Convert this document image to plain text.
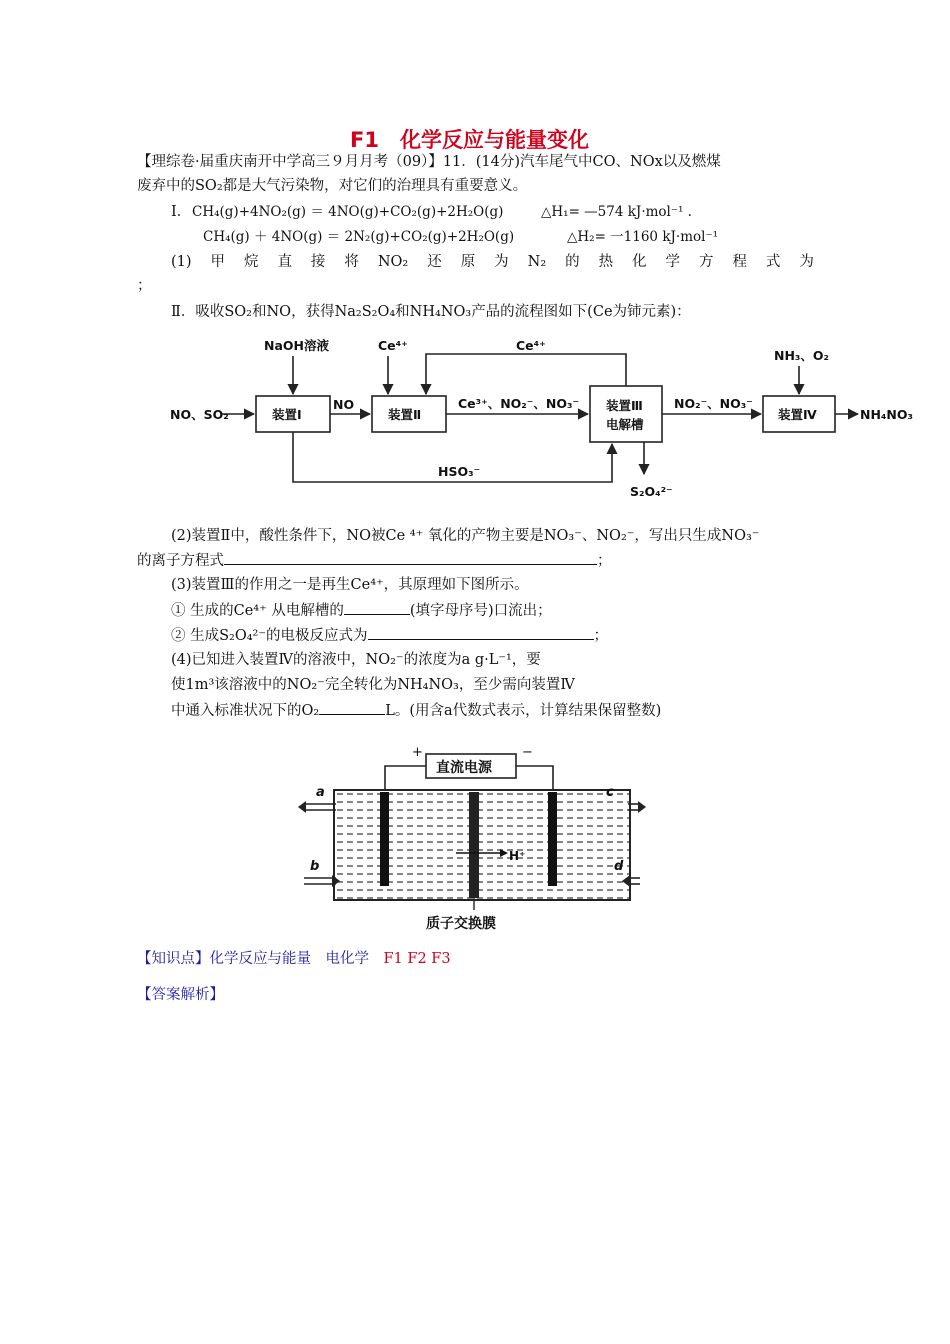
F1　化学反应与能量变化
【理综卷·届重庆南开中学高三９月月考（09）】11．(14分)汽车尾气中CO、NOx以及燃煤
废弃中的SO₂都是大气污染物，对它们的治理具有重要意义。
Ⅰ． CH₄(g)+4NO₂(g) ＝ 4NO(g)+CO₂(g)+2H₂O(g)	△H₁= —574 kJ·mol⁻¹ .
CH₄(g) ＋ 4NO(g) ＝ 2N₂(g)+CO₂(g)+2H₂O(g)	△H₂= 一1160 kJ·mol⁻¹
(1) 甲 烷 直 接 将 NO₂ 还 原 为 N₂ 的 热 化 学 方 程 式 为
；
Ⅱ．吸收SO₂和NO，获得Na₂S₂O₄和NH₄NO₃产品的流程图如下(Ce为铈元素)：
NaOH溶液	Ce⁴⁺	Ce⁴⁺
NH₃、O₂
NO、SO₂	装置Ⅰ
NO
装置Ⅱ
Ce³⁺、NO₂⁻、NO₃⁻ 装置Ⅲ
电解槽
NO₂⁻、NO₃⁻
装置Ⅳ	NH₄NO₃
HSO₃⁻
S₂O₄²⁻
(2)装置Ⅱ中，酸性条件下，NO被Ce ⁴⁺ 氧化的产物主要是NO₃⁻、NO₂⁻，写出只生成NO₃⁻
的离子方程式	；
(3)装置Ⅲ的作用之一是再生Ce⁴⁺，其原理如下图所示。
① 生成的Ce⁴⁺ 从电解槽的	(填字母序号)口流出；
② 生成S₂O₄²⁻的电极反应式为	；
(4)已知进入装置Ⅳ的溶液中，NO₂⁻的浓度为a g·L⁻¹，要
使1m³该溶液中的NO₂⁻完全转化为NH₄NO₃，至少需向装置Ⅳ
中通入标准状况下的O₂	L。(用含a代数式表示，计算结果保留整数)
直流电源
+	−
H⁺
a
b
c
d
质子交换膜
【知识点】化学反应与能量　电化学　 F1 F2 F3
【答案解析】
